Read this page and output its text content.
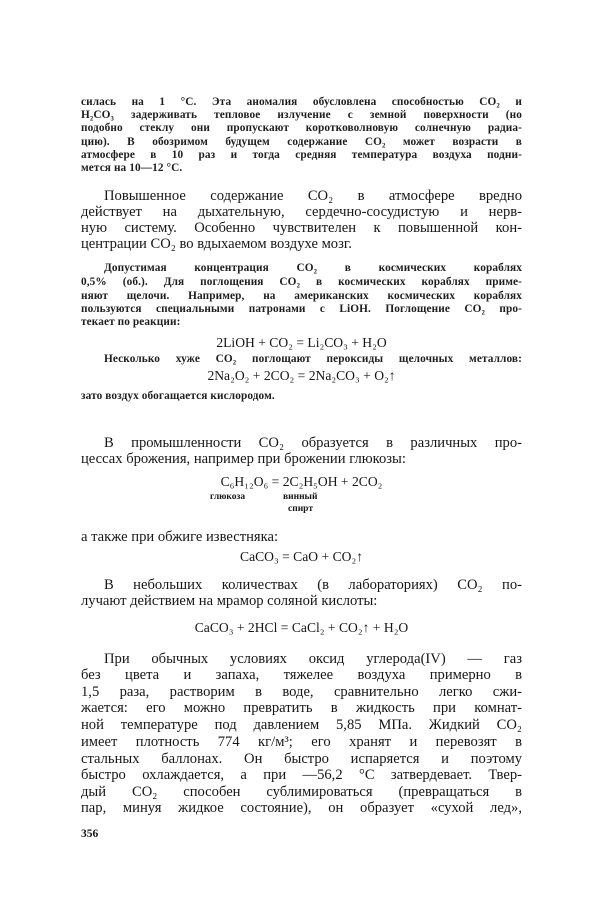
силась на 1 °C. Эта аномалия обусловлена способностью CO₂ и
H₂CO₃ задерживать тепловое излучение с земной поверхности (но
подобно стеклу они пропускают коротковолновую солнечную радиа-
цию). В обозримом будущем содержание CO₂ может возрасти в
атмосфере в 10 раз и тогда средняя температура воздуха подни-
мется на 10—12 °C.
Повышенное содержание CO₂ в атмосфере вредно
действует на дыхательную, сердечно-сосудистую и нерв-
ную систему. Особенно чувствителен к повышенной кон-
центрации CO₂ во вдыхаемом воздухе мозг.
Допустимая концентрация CO₂ в космических кораблях
0,5% (об.). Для поглощения CO₂ в космических кораблях приме-
няют щелочи. Например, на американских космических кораблях
пользуются специальными патронами с LiOH. Поглощение CO₂ про-
текает по реакции:
2LiOH + CO₂ = Li₂CO₃ + H₂O
Несколько хуже CO₂ поглощают пероксиды щелочных металлов:
2Na₂O₂ + 2CO₂ = 2Na₂CO₃ + O₂↑
зато воздух обогащается кислородом.
В промышленности CO₂ образуется в различных про-
цессах брожения, например при брожении глюкозы:
C₆H₁₂O₆ = 2C₂H₅OH + 2CO₂
глюкоза	винный
спирт
а также при обжиге известняка:
CaCO₃ = CaO + CO₂↑
В небольших количествах (в лабораториях) CO₂ по-
лучают действием на мрамор соляной кислоты:
CaCO₃ + 2HCl = CaCl₂ + CO₂↑ + H₂O
При обычных условиях оксид углерода(IV) — газ
без цвета и запаха, тяжелее воздуха примерно в
1,5 раза, растворим в воде, сравнительно легко сжи-
жается: его можно превратить в жидкость при комнат-
ной температуре под давлением 5,85 МПа. Жидкий CO₂
имеет плотность 774 кг/м³; его хранят и перевозят в
стальных баллонах. Он быстро испаряется и поэтому
быстро охлаждается, а при —56,2 °C затвердевает. Твер-
дый CO₂ способен сублимироваться (превращаться в
пар, минуя жидкое состояние), он образует «сухой лед»,
356
